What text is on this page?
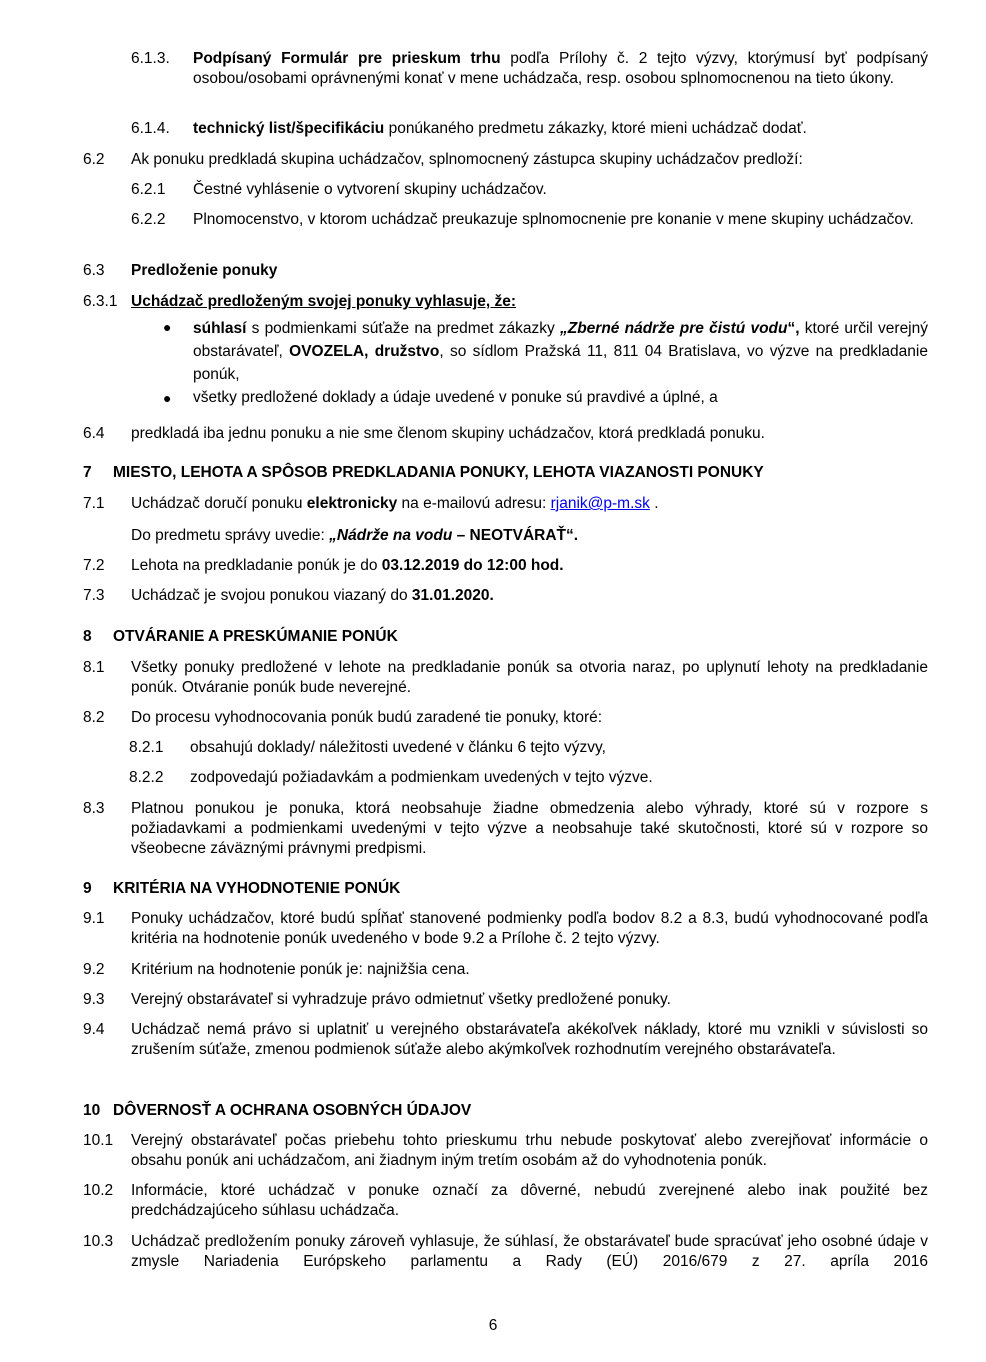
6.1.3. Podpísaný Formulár pre prieskum trhu podľa Prílohy č. 2 tejto výzvy, ktorýmusí byť podpísaný osobou/osobami oprávnenými konať v mene uchádzača, resp. osobou splnomocnenou na tieto úkony.
6.1.4. technický list/špecifikáciu ponúkaného predmetu zákazky, ktoré mieni uchádzač dodať.
6.2 Ak ponuku predkladá skupina uchádzačov, splnomocnený zástupca skupiny uchádzačov predloží:
6.2.1 Čestné vyhlásenie o vytvorení skupiny uchádzačov.
6.2.2 Plnomocenstvo, v ktorom uchádzač preukazuje splnomocnenie pre konanie v mene skupiny uchádzačov.
6.3 Predloženie ponuky
6.3.1 Uchádzač predloženým svojej ponuky vyhlasuje, že:
● súhlasí s podmienkami súťaže na predmet zákazky „Zberné nádrže pre čistú vodu“, ktoré určil verejný obstarávateľ, OVOZELA, družstvo, so sídlom Pražská 11, 811 04 Bratislava, vo výzve na predkladanie ponúk,
● všetky predložené doklady a údaje uvedené v ponuke sú pravdivé a úplné, a
6.4 predkladá iba jednu ponuku a nie sme členom skupiny uchádzačov, ktorá predkladá ponuku.
7 MIESTO, LEHOTA A SPÔSOB PREDKLADANIA PONUKY, LEHOTA VIAZANOSTI PONUKY
7.1 Uchádzač doručí ponuku elektronicky na e-mailovú adresu: rjanik@p-m.sk .
Do predmetu správy uvedie: „Nádrže na vodu – NEOTVÁRAŤ“.
7.2 Lehota na predkladanie ponúk je do 03.12.2019 do 12:00 hod.
7.3 Uchádzač je svojou ponukou viazaný do 31.01.2020.
8 OTVÁRANIE A PRESKÚMANIE PONÚK
8.1 Všetky ponuky predložené v lehote na predkladanie ponúk sa otvoria naraz, po uplynutí lehoty na predkladanie ponúk. Otváranie ponúk bude neverejné.
8.2 Do procesu vyhodnocovania ponúk budú zaradené tie ponuky, ktoré:
8.2.1 obsahujú doklady/ náležitosti uvedené v článku 6 tejto výzvy,
8.2.2 zodpovedajú požiadavkám a podmienkam uvedených v tejto výzve.
8.3 Platnou ponukou je ponuka, ktorá neobsahuje žiadne obmedzenia alebo výhrady, ktoré sú v rozpore s požiadavkami a podmienkami uvedenými v tejto výzve a neobsahuje také skutočnosti, ktoré sú v rozpore so všeobecne záväznými právnymi predpismi.
9 KRITÉRIA NA VYHODNOTENIE PONÚK
9.1 Ponuky uchádzačov, ktoré budú spĺňať stanovené podmienky podľa bodov 8.2 a 8.3, budú vyhodnocované podľa kritéria na hodnotenie ponúk uvedeného v bode 9.2 a Prílohe č. 2 tejto výzvy.
9.2 Kritérium na hodnotenie ponúk je: najnižšia cena.
9.3 Verejný obstarávateľ si vyhradzuje právo odmietnuť všetky predložené ponuky.
9.4 Uchádzač nemá právo si uplatniť u verejného obstarávateľa akékoľvek náklady, ktoré mu vznikli v súvislosti so zrušením súťaže, zmenou podmienok súťaže alebo akýmkoľvek rozhodnutím verejného obstarávateľa.
10 DÔVERNOSŤ A OCHRANA OSOBNÝCH ÚDAJOV
10.1 Verejný obstarávateľ počas priebehu tohto prieskumu trhu nebude poskytovať alebo zverejňovať informácie o obsahu ponúk ani uchádzačom, ani žiadnym iným tretím osobám až do vyhodnotenia ponúk.
10.2 Informácie, ktoré uchádzač v ponuke označí za dôverné, nebudú zverejnené alebo inak použité bez predchádzajúceho súhlasu uchádzača.
10.3 Uchádzač predložením ponuky zároveň vyhlasuje, že súhlasí, že obstarávateľ bude spracúvať jeho osobné údaje v zmysle Nariadenia Európskeho parlamentu a Rady (EÚ) 2016/679 z 27. apríla 2016
6
